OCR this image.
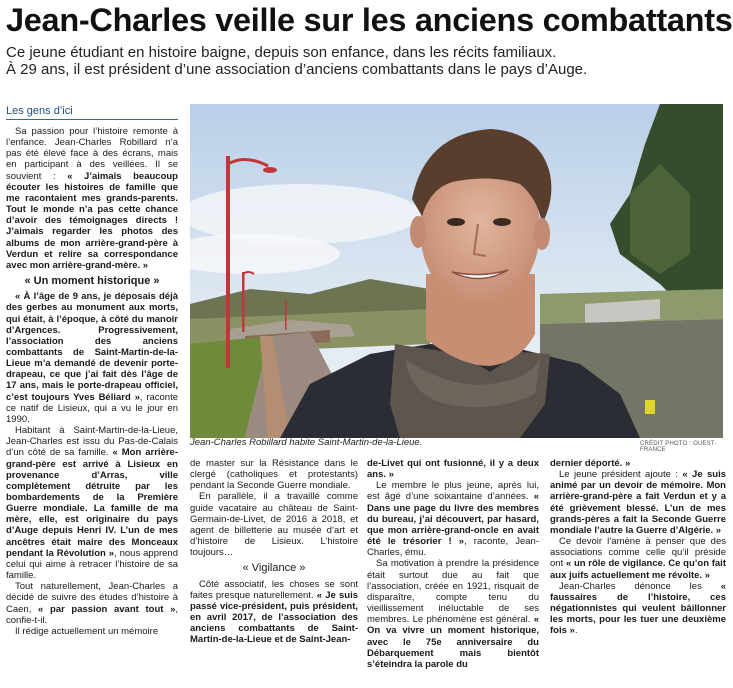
Jean-Charles veille sur les anciens combattants

Ce jeune étudiant en histoire baigne, depuis son enfance, dans les récits familiaux.

À 29 ans, il est président d’une association d’anciens combattants dans le pays d’Auge.

Les gens d’ici

Sa passion pour l’histoire remonte à l’enfance. Jean-Charles Robillard n’a pas été élevé face à des écrans, mais en participant à des veillées. Il se souvient : « J’aimais beaucoup écouter les histoires de famille que me racontaient mes grands-parents. Tout le monde n’a pas cette chance d’avoir des témoignages directs ! J’aimais regarder les photos des albums de mon arrière-grand-père à Verdun et relire sa correspondance avec mon arrière-grand-mère. »

« Un moment historique »

« À l’âge de 9 ans, je déposais déjà des gerbes au monument aux morts, qui était, à l’époque, à côté du manoir d’Argences. Progressivement, l’association des anciens combattants de Saint-Martin-de-la-Lieue m’a demandé de devenir porte-drapeau, ce que j’ai fait dès l’âge de 17 ans, mais le porte-drapeau officiel, c’est toujours Yves Béliard », raconte ce natif de Lisieux, qui a vu le jour en 1990.

Habitant à Saint-Martin-de-la-Lieue, Jean-Charles est issu du Pas-de-Calais d’un côté de sa famille. « Mon arrière-grand-père est arrivé à Lisieux en provenance d’Arras, ville complètement détruite par les bombardements de la Première Guerre mondiale. La famille de ma mère, elle, est originaire du pays d’Auge depuis Henri IV. L’un de mes ancêtres était maire des Monceaux pendant la Révolution », nous apprend celui qui aime à retracer l’histoire de sa famille.

Tout naturellement, Jean-Charles a décidé de suivre des études d’histoire à Caen, « par passion avant tout », confie-t-il.

Il rédige actuellement un mémoire

Jean-Charles Robillard habite Saint-Martin-de-la-Lieue.	CRÉDIT PHOTO : OUEST-FRANCE

de master sur la Résistance dans le clergé (catholiques et protestants) pendant la Seconde Guerre mondiale.

En parallèle, il a travaillé comme guide vacataire au château de Saint-Germain-de-Livet, de 2016 à 2018, et agent de billetterie au musée d’art et d’histoire de Lisieux. L’histoire toujours…

« Vigilance »

Côté associatif, les choses se sont faites presque naturellement. « Je suis passé vice-président, puis président, en avril 2017, de l’association des anciens combattants de Saint-Martin-de-la-Lieue et de Saint-Jean-

de-Livet qui ont fusionné, il y a deux ans. »

Le membre le plus jeune, après lui, est âgé d’une soixantaine d’années. « Dans une page du livre des membres du bureau, j’ai découvert, par hasard, que mon arrière-grand-oncle en avait été le trésorier ! », raconte, Jean-Charles, ému.

Sa motivation à prendre la présidence était surtout due au fait que l’association, créée en 1921, risquait de disparaître, compte tenu du vieillissement inéluctable de ses membres. Le phénomène est général. « On va vivre un moment historique, avec le 75e anniversaire du Débarquement mais bientôt s’éteindra la parole du

dernier déporté. »

Le jeune président ajoute : « Je suis animé par un devoir de mémoire. Mon arrière-grand-père a fait Verdun et y a été grièvement blessé. L’un de mes grands-pères a fait la Seconde Guerre mondiale l’autre la Guerre d’Algérie. »

Ce devoir l’amène à penser que des associations comme celle qu’il préside ont « un rôle de vigilance. Ce qu’on fait aux juifs actuellement me révolte. »

Jean-Charles dénonce les « faussaires de l’histoire, ces négationnistes qui veulent bâillonner les morts, pour les tuer une deuxième fois ».
